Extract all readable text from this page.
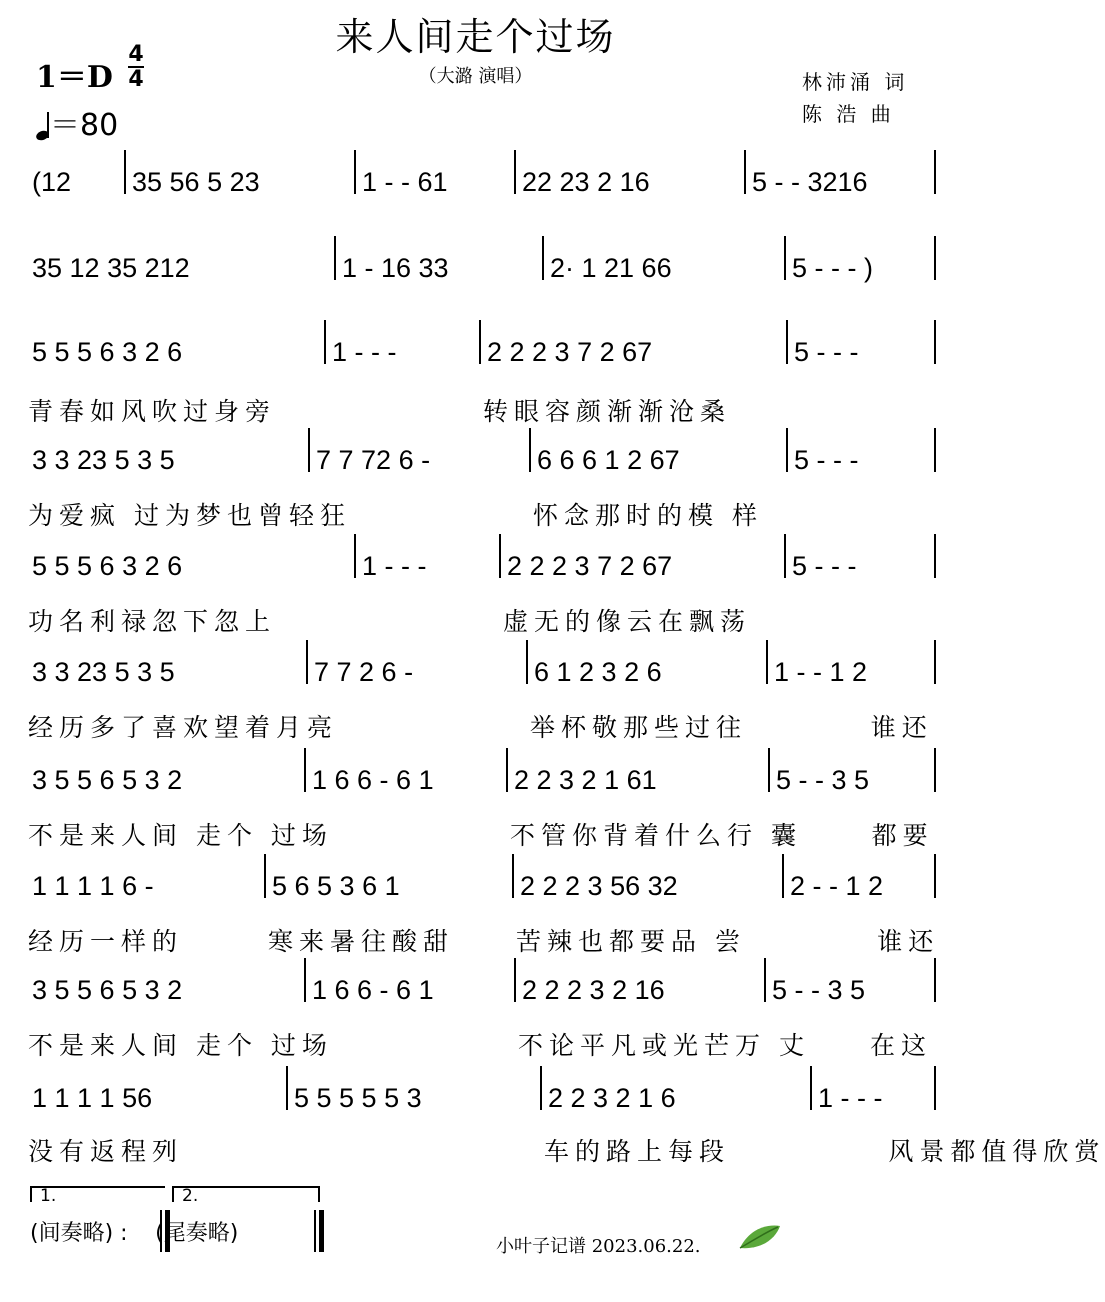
来人间走个过场
（大潞 演唱）
1＝D
4
4
＝80
林沛涌 词
陈 浩 曲
(12	35 56 5 23	1 - - 61	22 23 2 16	5 - - 3216
35 12 35 212	1 - 16 33	2· 1 21 66	5 - - - )
5 5 5 6 3 2 6	1 - - -	2 2 2 3 7 2 67	5 - - -
青春如风吹过身旁	转眼容颜渐渐沧桑
3 3 23 5 3 5	7 7 72 6 -	6 6 6 1 2 67	5 - - -
为爱疯 过为梦也曾轻狂	怀念那时的模 样
5 5 5 6 3 2 6	1 - - -	2 2 2 3 7 2 67	5 - - -
功名利禄忽下忽上	虚无的像云在飘荡
3 3 23 5 3 5	7 7 2 6 -	6 1 2 3 2 6	1 - - 1 2
经历多了喜欢望着月亮	举杯敬那些过往	谁还
3 5 5 6 5 3 2	1 6 6 - 6 1	2 2 3 2 1 61	5 - - 3 5
不是来人间 走个 过场	不管你背着什么行 囊	都要
1 1 1 1 6 -	5 6 5 3 6 1	2 2 2 3 56 32	2 - - 1 2
经历一样的	寒来暑往酸甜	苦辣也都要品 尝	谁还
3 5 5 6 5 3 2	1 6 6 - 6 1	2 2 2 3 2 16	5 - - 3 5
不是来人间 走个 过场	不论平凡或光芒万 丈	在这
1 1 1 1 56	5 5 5 5 5 3	2 2 3 2 1 6	1 - - -
没有返程列	车的路上每段	风景都值得欣赏
1.	2.
(间奏略) : (尾奏略)
小叶子记谱 2023.06.22.
